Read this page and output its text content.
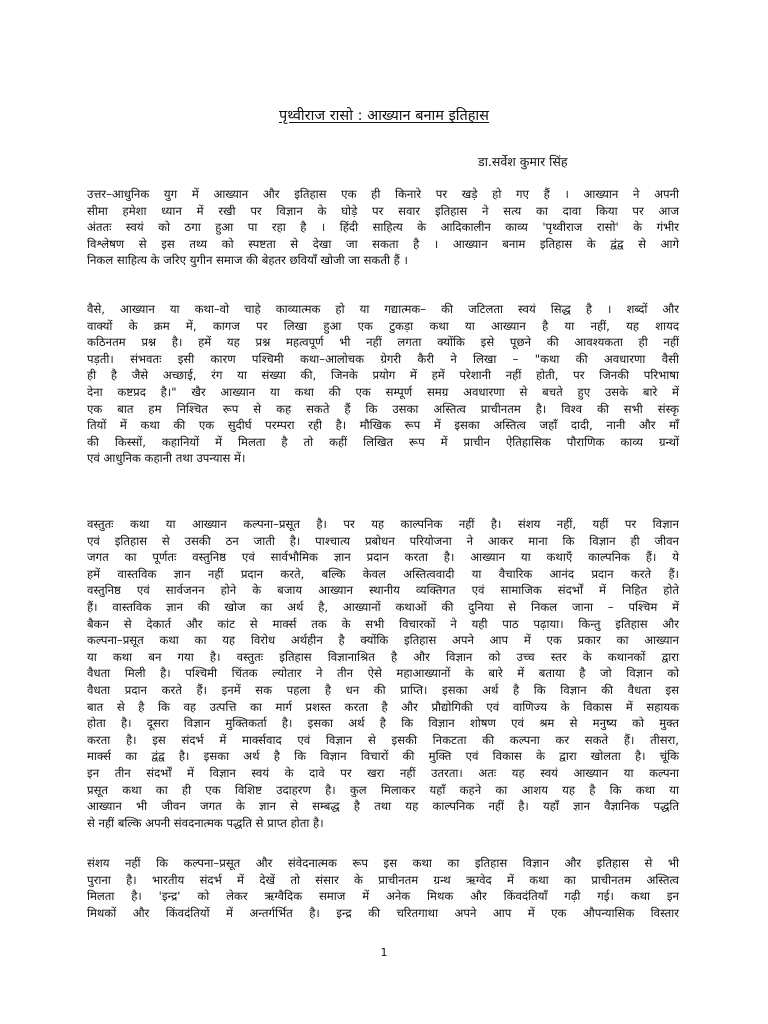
पृथ्वीराज रासो : आख्यान बनाम इतिहास
डा.सर्वेश कुमार सिंह
उत्तर–आधुनिक युग में आख्यान और इतिहास एक ही किनारे पर खड़े हो गए हैं । आख्यान ने अपनी
सीमा हमेशा ध्यान में रखी पर विज्ञान के घोड़े पर सवार इतिहास ने सत्य का दावा किया पर आज
अंततः स्वयं को ठगा हुआ पा रहा है । हिंदी साहित्य के आदिकालीन काव्य 'पृथ्वीराज रासो' के गंभीर
विश्लेषण से इस तथ्य को स्पष्टता से देखा जा सकता है । आख्यान बनाम इतिहास के द्वंद्व से आगे
निकल साहित्य के जरिए युगीन समाज की बेहतर छवियाँ खोजी जा सकती हैं ।
वैसे, आख्यान या कथा–वो चाहे काव्यात्मक हो या गद्यात्मक– की जटिलता स्वयं सिद्ध है । शब्दों और
वाक्यों के क्रम में, कागज पर लिखा हुआ एक टुकड़ा कथा या आख्यान है या नहीं, यह शायद
कठिनतम प्रश्न है। हमें यह प्रश्न महत्वपूर्ण भी नहीं लगता क्योंकि इसे पूछने की आवश्यकता ही नहीं
पड़ती। संभवतः इसी कारण पश्चिमी कथा–आलोचक ग्रेगरी कैरी ने लिखा – "कथा की अवधारणा वैसी
ही है जैसे अच्छाई, रंग या संख्या की, जिनके प्रयोग में हमें परेशानी नहीं होती, पर जिनकी परिभाषा
देना कष्टप्रद है।" खैर आख्यान या कथा की एक सम्पूर्ण समग्र अवधारणा से बचते हुए उसके बारे में
एक बात हम निश्चित रूप से कह सकते हैं कि उसका अस्तित्व प्राचीनतम है। विश्व की सभी संस्कृ
तियों में कथा की एक सुदीर्घ परम्परा रही है। मौखिक रूप में इसका अस्तित्व जहाँ दादी, नानी और माँ
की किस्सों, कहानियों में मिलता है तो कहीं लिखित रूप में प्राचीन ऐतिहासिक पौराणिक काव्य ग्रन्थों
एवं आधुनिक कहानी तथा उपन्यास में।
वस्तुतः कथा या आख्यान कल्पना–प्रसूत है। पर यह काल्पनिक नहीं है। संशय नहीं, यहीं पर विज्ञान
एवं इतिहास से उसकी ठन जाती है। पाश्चात्य प्रबोधन परियोजना ने आकर माना कि विज्ञान ही जीवन
जगत का पूर्णतः वस्तुनिष्ठ एवं सार्वभौमिक ज्ञान प्रदान करता है। आख्यान या कथाएँ काल्पनिक हैं। ये
हमें वास्तविक ज्ञान नहीं प्रदान करते, बल्कि केवल अस्तित्ववादी या वैचारिक आनंद प्रदान करते हैं।
वस्तुनिष्ठ एवं सार्वजनन होने के बजाय आख्यान स्थानीय व्यक्तिगत एवं सामाजिक संदर्भों में निहित होते
हैं। वास्तविक ज्ञान की खोज का अर्थ है, आख्यानों कथाओं की दुनिया से निकल जाना – पश्चिम में
बैकन से देकार्त और कांट से मार्क्स तक के सभी विचारकों ने यही पाठ पढ़ाया। किन्तु इतिहास और
कल्पना–प्रसूत कथा का यह विरोध अर्थहीन है क्योंकि इतिहास अपने आप में एक प्रकार का आख्यान
या कथा बन गया है। वस्तुतः इतिहास विज्ञानाश्रित है और विज्ञान को उच्च स्तर के कथानकों द्वारा
वैधता मिली है। पश्चिमी चिंतक ल्योतार ने तीन ऐसे महाआख्यानों के बारे में बताया है जो विज्ञान को
वैधता प्रदान करते हैं। इनमें सक पहला है धन की प्राप्ति। इसका अर्थ है कि विज्ञान की वैधता इस
बात से है कि वह उत्पत्ति का मार्ग प्रशस्त करता है और प्रौद्योगिकी एवं वाणिज्य के विकास में सहायक
होता है। दूसरा विज्ञान मुक्तिकर्ता है। इसका अर्थ है कि विज्ञान शोषण एवं श्रम से मनुष्य को मुक्त
करता है। इस संदर्भ में मार्क्सवाद एवं विज्ञान से इसकी निकटता की कल्पना कर सकते हैं। तीसरा,
मार्क्स का द्वंद्व है। इसका अर्थ है कि विज्ञान विचारों की मुक्ति एवं विकास के द्वारा खोलता है। चूंकि
इन तीन संदर्भों में विज्ञान स्वयं के दावे पर खरा नहीं उतरता। अतः यह स्वयं आख्यान या कल्पना
प्रसूत कथा का ही एक विशिष्ट उदाहरण है। कुल मिलाकर यहाँ कहने का आशय यह है कि कथा या
आख्यान भी जीवन जगत के ज्ञान से सम्बद्ध है तथा यह काल्पनिक नहीं है। यहाँ ज्ञान वैज्ञानिक पद्धति
से नहीं बल्कि अपनी संवदनात्मक पद्धति से प्राप्त होता है।
संशय नहीं कि कल्पना–प्रसूत और संवेदनात्मक रूप इस कथा का इतिहास विज्ञान और इतिहास से भी
पुराना है। भारतीय संदर्भ में देखें तो संसार के प्राचीनतम ग्रन्थ ऋग्वेद में कथा का प्राचीनतम अस्तित्व
मिलता है। 'इन्द्र' को लेकर ऋग्वैदिक समाज में अनेक मिथक और किंवदंतियाँ गढ़ी गई। कथा इन
मिथकों और किंवदंतियों में अन्तर्गर्भित है। इन्द्र की चरितगाथा अपने आप में एक औपन्यासिक विस्तार
1
